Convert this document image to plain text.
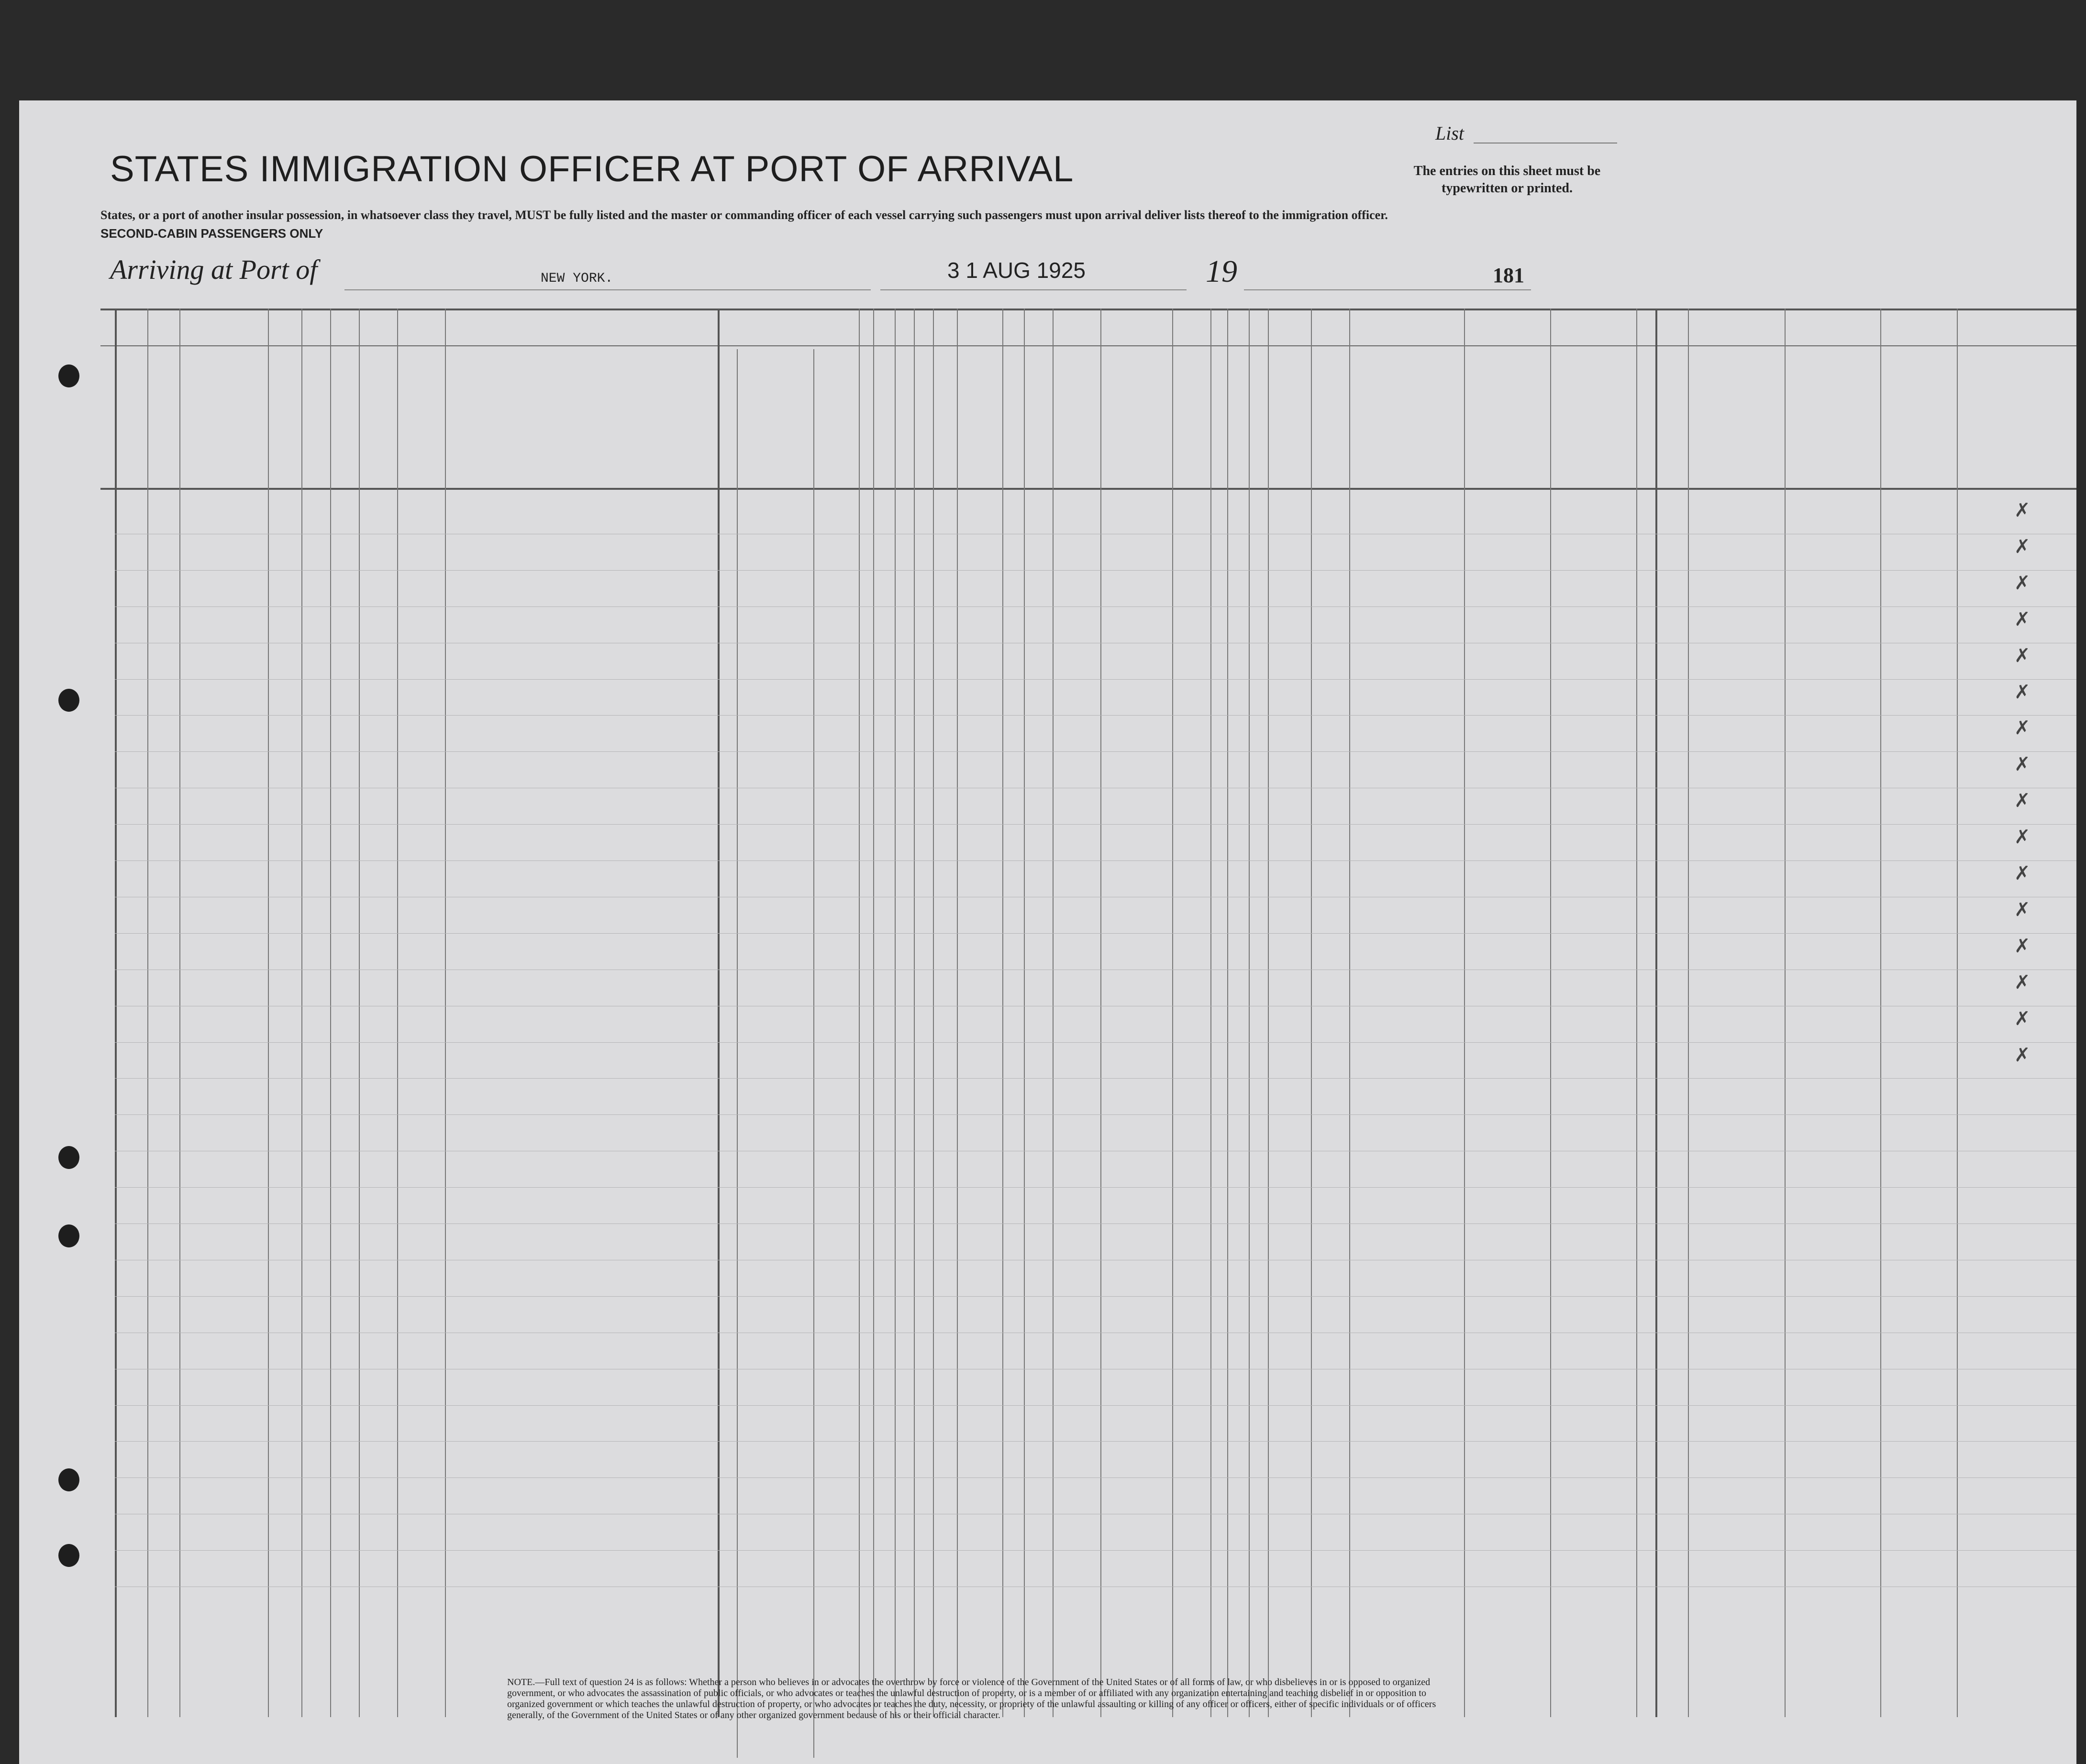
List
The entries on this sheet must be typewritten or printed.
STATES IMMIGRATION OFFICER AT PORT OF ARRIVAL
States, or a port of another insular possession, in whatsoever class they travel, MUST be fully listed and the master or commanding officer of each vessel carrying such passengers must upon arrival deliver lists thereof to the immigration officer.
SECOND-CABIN PASSENGERS ONLY
Arriving at Port of	NEW YORK.	3 1 AUG 1925	19	181
✗
✗
✗
✗
✗
✗
✗
✗
✗
✗
✗
✗
✗
✗
✗
✗
NOTE.—Full text of question 24 is as follows: Whether a person who believes in or advocates the overthrow by force or violence of the Government of the United States or of all forms of law, or who disbelieves in or is opposed to organized government, or who advocates the assassination of public officials, or who advocates or teaches the unlawful destruction of property, or is a member of or affiliated with any organization entertaining and teaching disbelief in or opposition to organized government or which teaches the unlawful destruction of property, or who advocates or teaches the duty, necessity, or propriety of the unlawful assaulting or killing of any officer or officers, either of specific individuals or of officers generally, of the Government of the United States or of any other organized government because of his or their official character.
